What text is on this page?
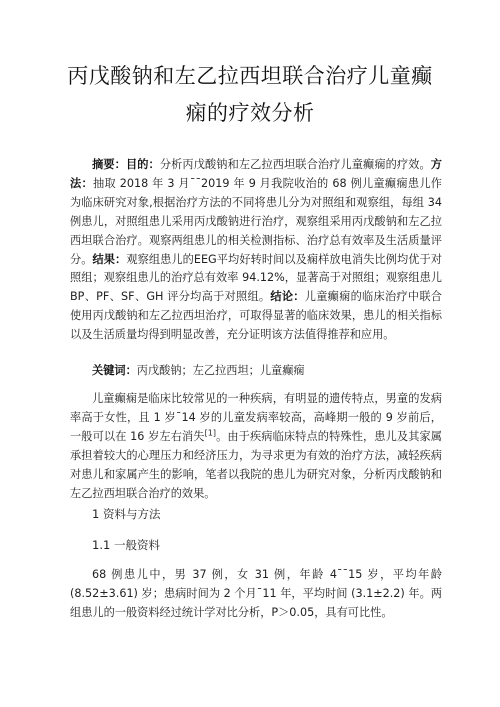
丙戊酸钠和左乙拉西坦联合治疗儿童癫
痫的疗效分析
摘要：目的：分析丙戊酸钠和左乙拉西坦联合治疗儿童癫痫的疗效。方法：抽取 2018 年 3 月¯¯2019 年 9 月我院收治的 68 例儿童癫痫患儿作为临床研究对象,根据治疗方法的不同将患儿分为对照组和观察组，每组 34 例患儿，对照组患儿采用丙戊酸钠进行治疗，观察组采用丙戊酸钠和左乙拉西坦联合治疗。观察两组患儿的相关检测指标、治疗总有效率及生活质量评分。结果：观察组患儿的EEG平均好转时间以及痫样放电消失比例均优于对照组；观察组患儿的治疗总有效率 94.12%，显著高于对照组；观察组患儿 BP、PF、SF、GH 评分均高于对照组。结论：儿童癫痫的临床治疗中联合使用丙戊酸钠和左乙拉西坦治疗，可取得显著的临床效果，患儿的相关指标以及生活质量均得到明显改善，充分证明该方法值得推荐和应用。
关键词：丙戊酸钠；左乙拉西坦；儿童癫痫
儿童癫痫是临床比较常见的一种疾病，有明显的遗传特点，男童的发病率高于女性，且 1 岁¯14 岁的儿童发病率较高，高峰期一般的 9 岁前后，一般可以在 16 岁左右消失[1]。由于疾病临床特点的特殊性，患儿及其家属承担着较大的心理压力和经济压力，为寻求更为有效的治疗方法，减轻疾病对患儿和家属产生的影响，笔者以我院的患儿为研究对象，分析丙戊酸钠和左乙拉西坦联合治疗的效果。
1 资料与方法
1.1 一般资料
68 例患儿中，男 37 例，女 31 例，年龄 4¯¯15 岁，平均年龄 (8.52±3.61) 岁；患病时间为 2 个月¯11 年，平均时间 (3.1±2.2) 年。两组患儿的一般资料经过统计学对比分析，P＞0.05，具有可比性。
